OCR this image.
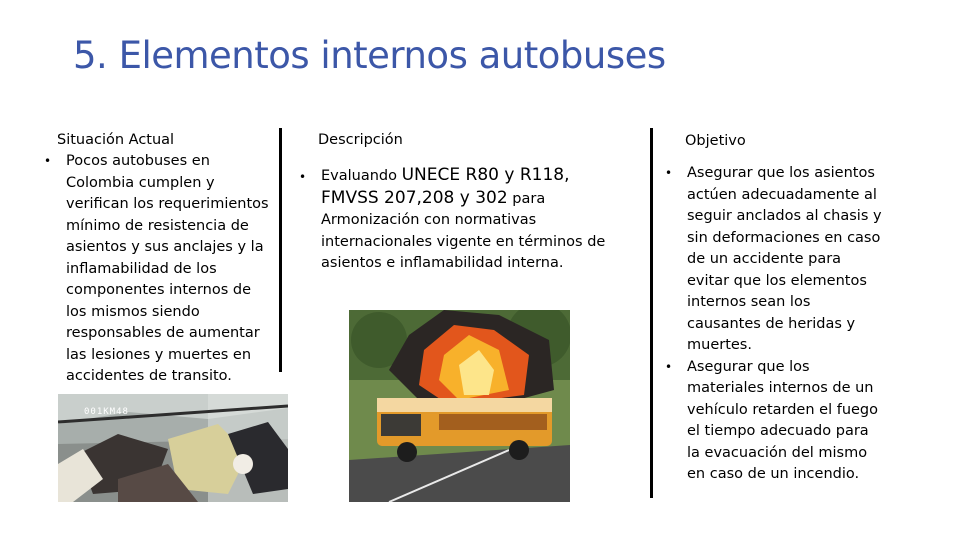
5. Elementos internos autobuses
Situación Actual
• Pocos autobuses en Colombia cumplen y verifican los requerimientos mínimo de resistencia de asientos y sus anclajes y la inflamabilidad de los componentes internos de los mismos siendo responsables de aumentar las lesiones y muertes en accidentes de transito.
001KM48
Descripción
• Evaluando UNECE R80 y R118, FMVSS 207,208 y 302 para
Armonización con normativas internacionales vigente en términos de asientos e inflamabilidad interna.
Objetivo
• Asegurar que los asientos actúen adecuadamente al seguir anclados al chasis y sin deformaciones en caso de un accidente para evitar que los elementos internos sean los causantes de heridas y muertes.
• Asegurar que los materiales internos de un vehículo retarden el fuego el tiempo adecuado para la evacuación del mismo en caso de un incendio.
